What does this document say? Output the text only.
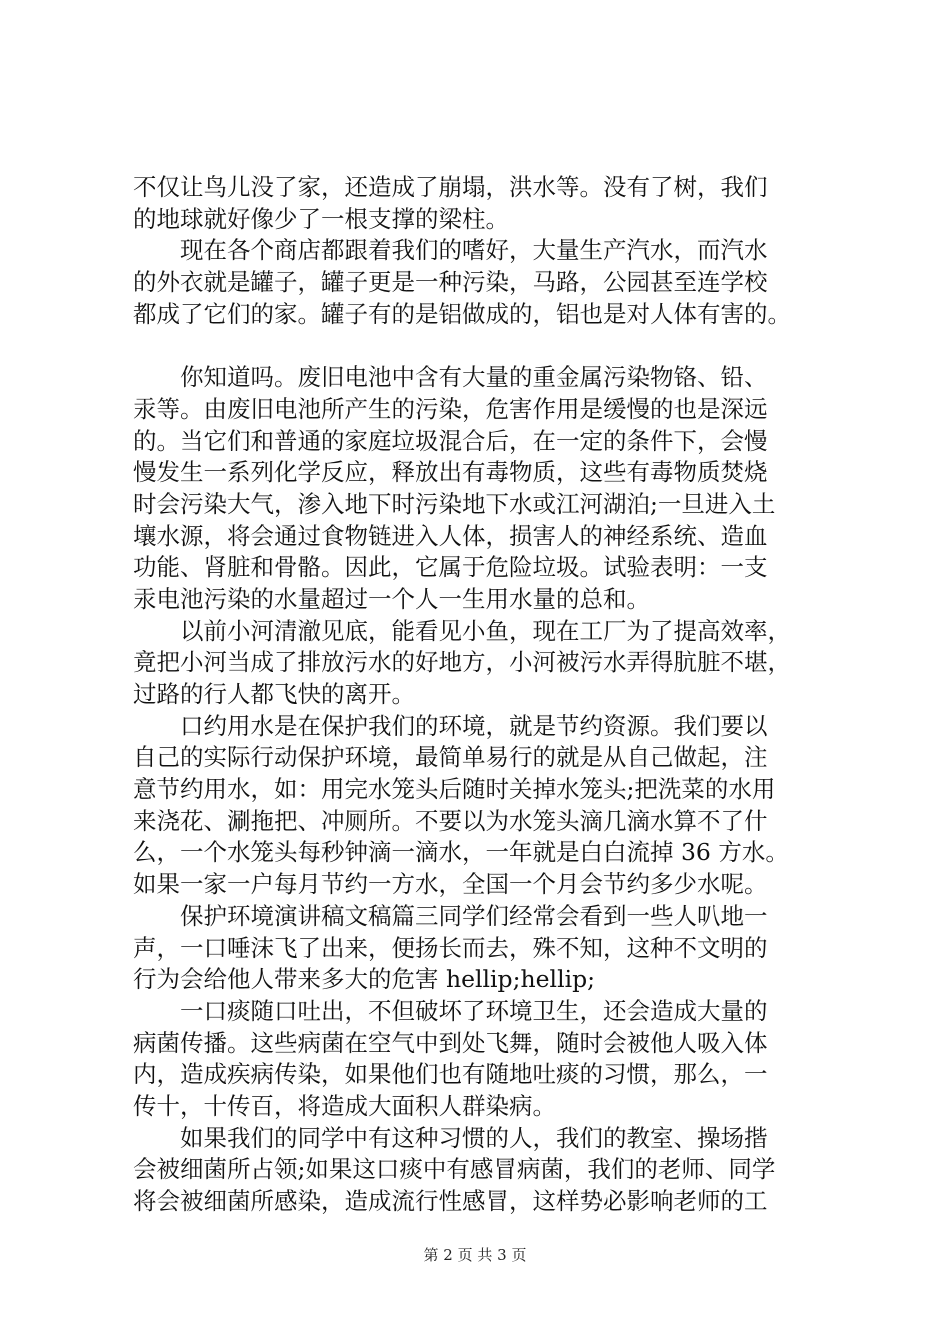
不仅让鸟儿没了家，还造成了崩塌，洪水等。没有了树，我们
的地球就好像少了一根支撑的梁柱。
现在各个商店都跟着我们的嗜好，大量生产汽水，而汽水
的外衣就是罐子，罐子更是一种污染，马路，公园甚至连学校
都成了它们的家。罐子有的是铝做成的，铝也是对人体有害的。
你知道吗。废旧电池中含有大量的重金属污染物铬、铅、
汞等。由废旧电池所产生的污染，危害作用是缓慢的也是深远
的。当它们和普通的家庭垃圾混合后，在一定的条件下，会慢
慢发生一系列化学反应，释放出有毒物质，这些有毒物质焚烧
时会污染大气，渗入地下时污染地下水或江河湖泊;一旦进入土
壤水源，将会通过食物链进入人体，损害人的神经系统、造血
功能、肾脏和骨骼。因此，它属于危险垃圾。试验表明：一支
汞电池污染的水量超过一个人一生用水量的总和。
以前小河清澈见底，能看见小鱼，现在工厂为了提高效率，
竟把小河当成了排放污水的好地方，小河被污水弄得肮脏不堪，
过路的行人都飞快的离开。
口约用水是在保护我们的环境，就是节约资源。我们要以
自己的实际行动保护环境，最简单易行的就是从自己做起，注
意节约用水，如：用完水笼头后随时关掉水笼头;把洗菜的水用
来浇花、涮拖把、冲厕所。不要以为水笼头滴几滴水算不了什
么，一个水笼头每秒钟滴一滴水，一年就是白白流掉 36 方水。
如果一家一户每月节约一方水，全国一个月会节约多少水呢。
保护环境演讲稿文稿篇三同学们经常会看到一些人叭地一
声，一口唾沫飞了出来，便扬长而去，殊不知，这种不文明的
行为会给他人带来多大的危害 hellip;hellip;
一口痰随口吐出，不但破坏了环境卫生，还会造成大量的
病菌传播。这些病菌在空气中到处飞舞，随时会被他人吸入体
内，造成疾病传染，如果他们也有随地吐痰的习惯，那么，一
传十，十传百，将造成大面积人群染病。
如果我们的同学中有这种习惯的人，我们的教室、操场揩
会被细菌所占领;如果这口痰中有感冒病菌，我们的老师、同学
将会被细菌所感染，造成流行性感冒，这样势必影响老师的工
第 2 页 共 3 页
